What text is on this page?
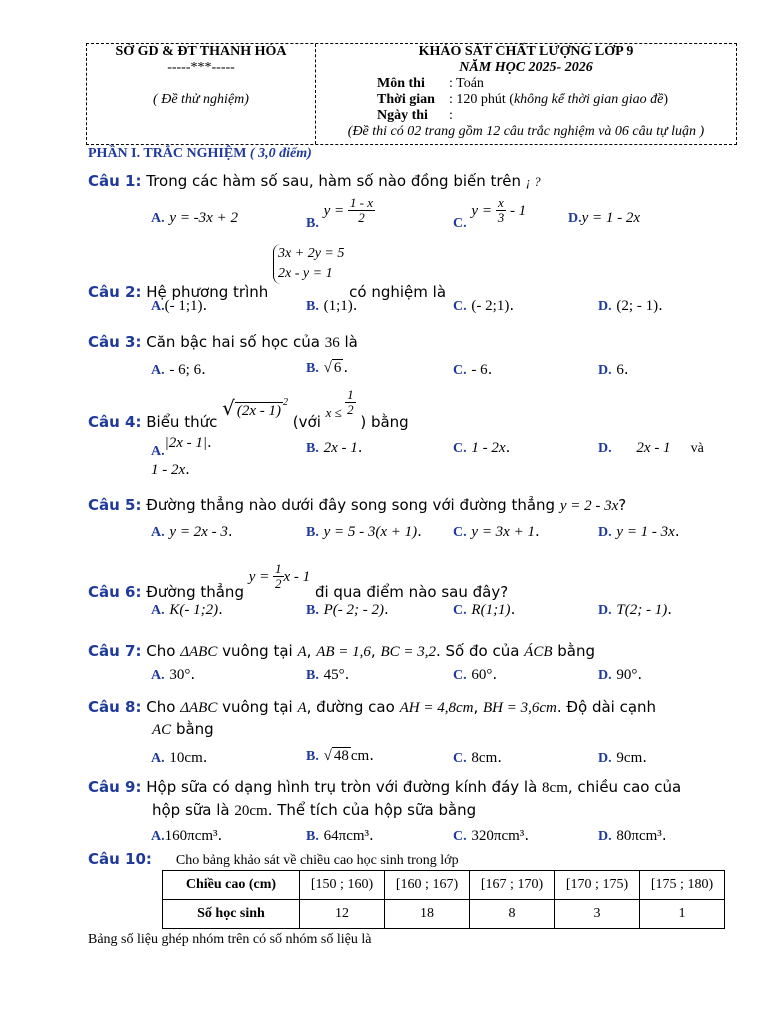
SỞ GD & ĐT THANH HÓA
-----***-----
( Đề thử nghiệm)
KHẢO SÁT CHẤT LƯỢNG LỚP 9
NĂM HỌC 2025- 2026
Môn thi : Toán
Thời gian : 120 phút (không kể thời gian giao đề)
Ngày thi :
(Đề thi có 02 trang gồm 12 câu trắc nghiệm và 06 câu tự luận )
PHẦN I. TRẮC NGHIỆM ( 3,0 điểm)
Câu 1: Trong các hàm số sau, hàm số nào đồng biến trên ¡ ?
A. y = -3x + 2	B. $y = \frac{1 - x}{2}$	C. $y = \frac{x}{3} - 1$	D.y = 1 - 2x
Câu 2: Hệ phương trình
3x + 2y = 5
2x - y = 1
có nghiệm là
A.(- 1;1).	B. (1;1).	C. (- 2;1).	D. (2; - 1).
Câu 3: Căn bậc hai số học của 36 là
A. - 6; 6.	B. √ 6 .	C. - 6.	D. 6.
Câu 4: Biểu thức √ (2x - 1)$^2$ (với $x \le \frac{1}{2}$
) bằng
A.|2x - 1|.	B. 2x - 1.	C. 1 - 2x.	D. 2x - 1 và
1 - 2x.
Câu 5: Đường thẳng nào dưới đây song song với đường thẳng y = 2 - 3x?
A. y = 2x - 3.	B. y = 5 - 3(x + 1). C. y = 3x + 1.	D. y = 1 - 3x.
Câu 6: Đường thẳng $y = \frac{1}{2}$ x - 1 đi qua điểm nào sau đây?
A. K(- 1;2).	B. P(- 2; - 2).	C. R(1;1).	D. T(2; - 1).
Câu 7: Cho ΔABC vuông tại A, AB = 1,6, BC = 3,2. Số đo của ÁCB bằng
A. 30°.	B. 45°.	C. 60°.	D. 90°.
Câu 8: Cho ΔABC vuông tại A, đường cao AH = 4,8cm, BH = 3,6cm. Độ dài cạnh
AC bằng
A. 10cm.	B. √ 48 cm.	C. 8cm.	D. 9cm.
Câu 9: Hộp sữa có dạng hình trụ tròn với đường kính đáy là 8cm, chiều cao của
hộp sữa là 20cm. Thể tích của hộp sữa bằng
A.160πcm³.	B. 64πcm³.	C. 320πcm³.	D. 80πcm³.
Câu 10: Cho bảng khảo sát về chiều cao học sinh trong lớp
Chiều cao (cm)	[150 ; 160)	[160 ; 167)	[167 ; 170)	[170 ; 175)	[175 ; 180)
Số học sinh	12	18	8	3	1
Bảng số liệu ghép nhóm trên có số nhóm số liệu là
